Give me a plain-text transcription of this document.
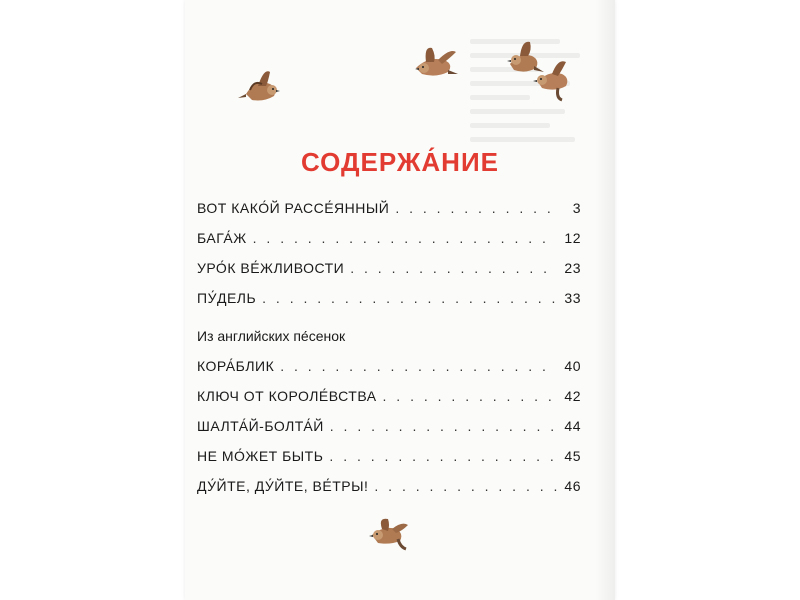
СОДЕРЖА́НИЕ
ВОТ КАКО́Й РАССЕ́ЯННЫЙ . . .	3
БАГА́Ж . . .	12
УРО́К ВЕ́ЖЛИВОСТИ . . .	23
ПУ́ДЕЛЬ . . .	33
Из английских пе́сенок
КОРА́БЛИК . . .	40
КЛЮЧ ОТ КОРОЛЕ́ВСТВА . . .	42
ШАЛТА́Й-БОЛТА́Й . . .	44
НЕ МО́ЖЕТ БЫТЬ . . .	45
ДУ́ЙТЕ, ДУ́ЙТЕ, ВЕ́ТРЫ! . . .	46
